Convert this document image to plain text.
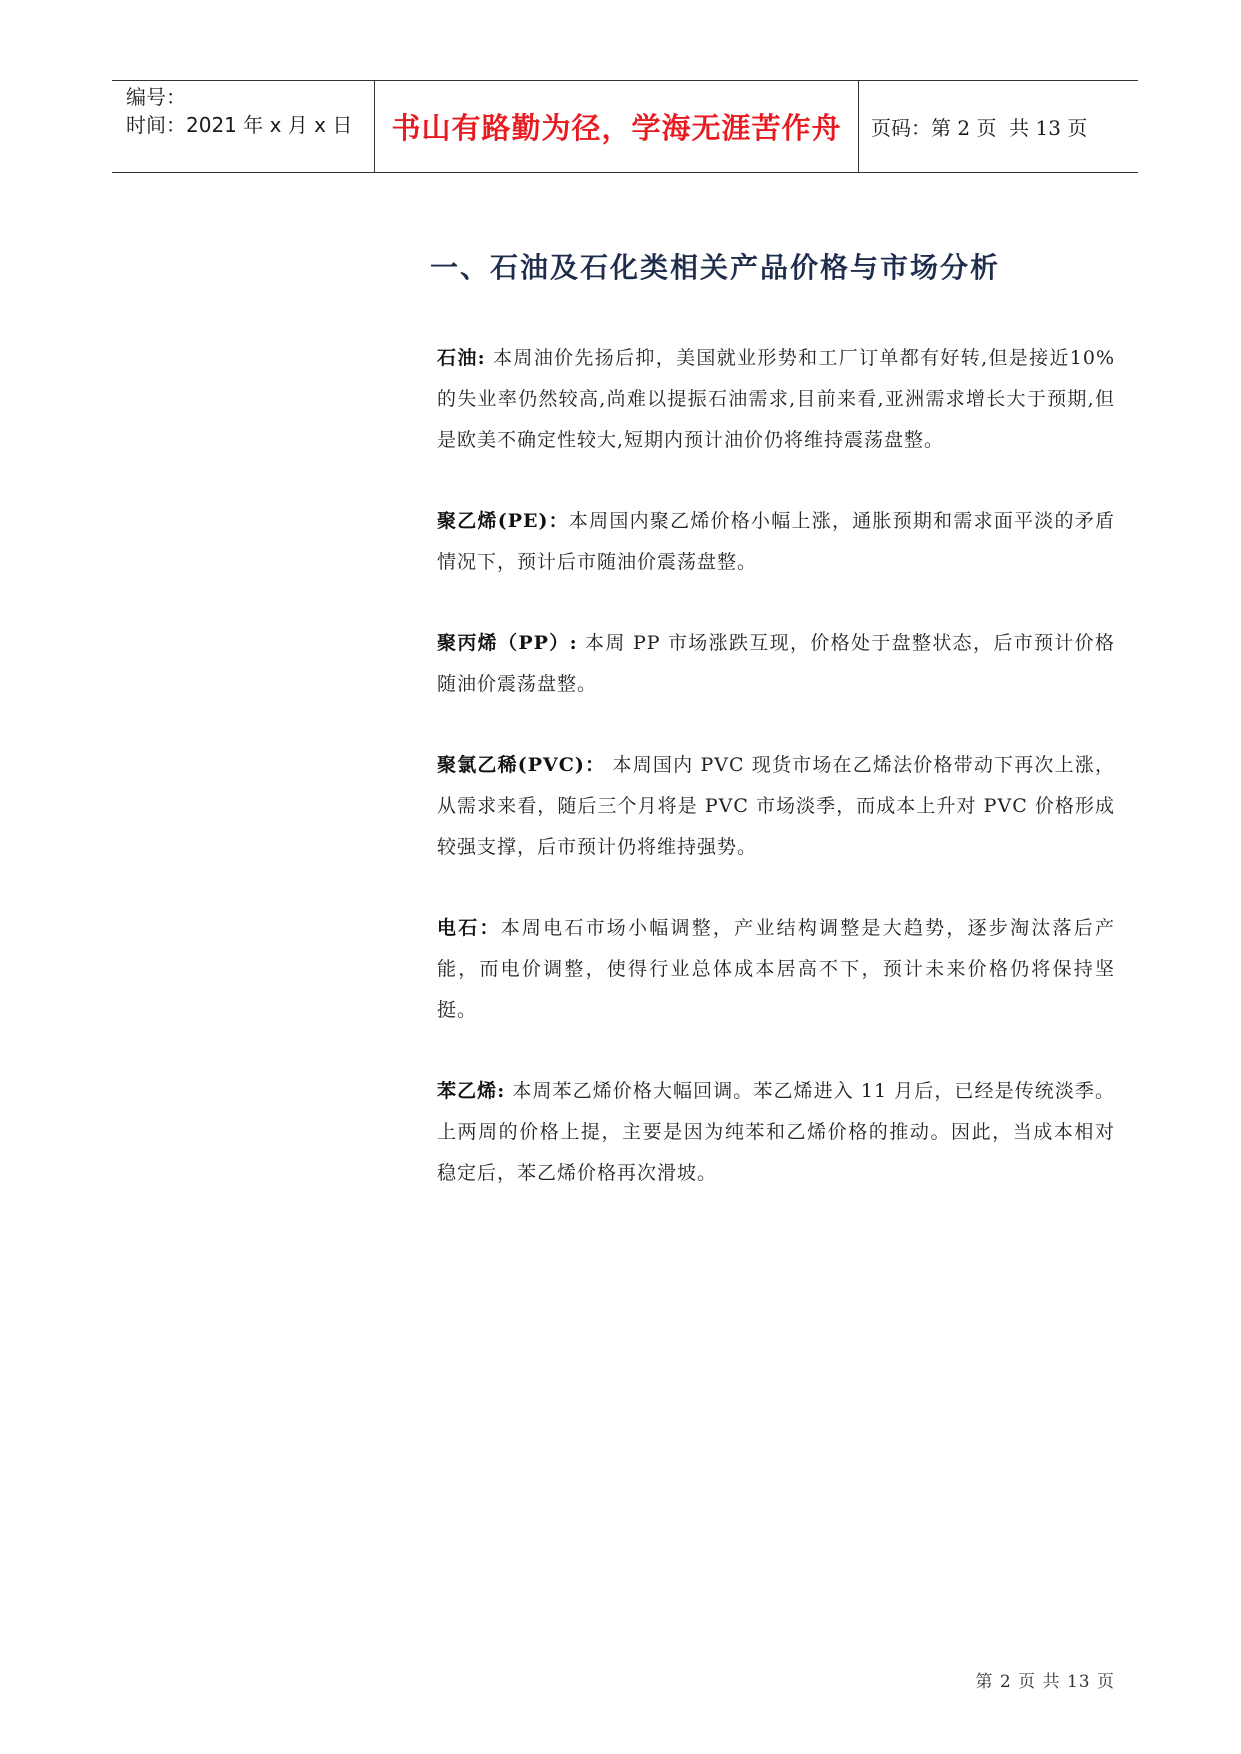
编号：
时间：2021 年 x 月 x 日	书山有路勤为径，学海无涯苦作舟 页码：第 2 页  共 13 页
一、石油及石化类相关产品价格与市场分析

石油: 本周油价先扬后抑，美国就业形势和工厂订单都有好转,但是接近10%的失业率仍然较高,尚难以提振石油需求,目前来看,亚洲需求增长大于预期,但是欧美不确定性较大,短期内预计油价仍将维持震荡盘整。

聚乙烯(PE)：本周国内聚乙烯价格小幅上涨，通胀预期和需求面平淡的矛盾情况下，预计后市随油价震荡盘整。

聚丙烯（PP）: 本周 PP 市场涨跌互现，价格处于盘整状态，后市预计价格随油价震荡盘整。

聚氯乙稀(PVC)： 本周国内 PVC 现货市场在乙烯法价格带动下再次上涨，从需求来看，随后三个月将是 PVC 市场淡季，而成本上升对 PVC 价格形成较强支撑，后市预计仍将维持强势。

电石：本周电石市场小幅调整，产业结构调整是大趋势，逐步淘汰落后产能，而电价调整，使得行业总体成本居高不下，预计未来价格仍将保持坚挺。

苯乙烯: 本周苯乙烯价格大幅回调。苯乙烯进入 11 月后，已经是传统淡季。上两周的价格上提，主要是因为纯苯和乙烯价格的推动。因此，当成本相对稳定后，苯乙烯价格再次滑坡。

第 2 页 共 13 页
